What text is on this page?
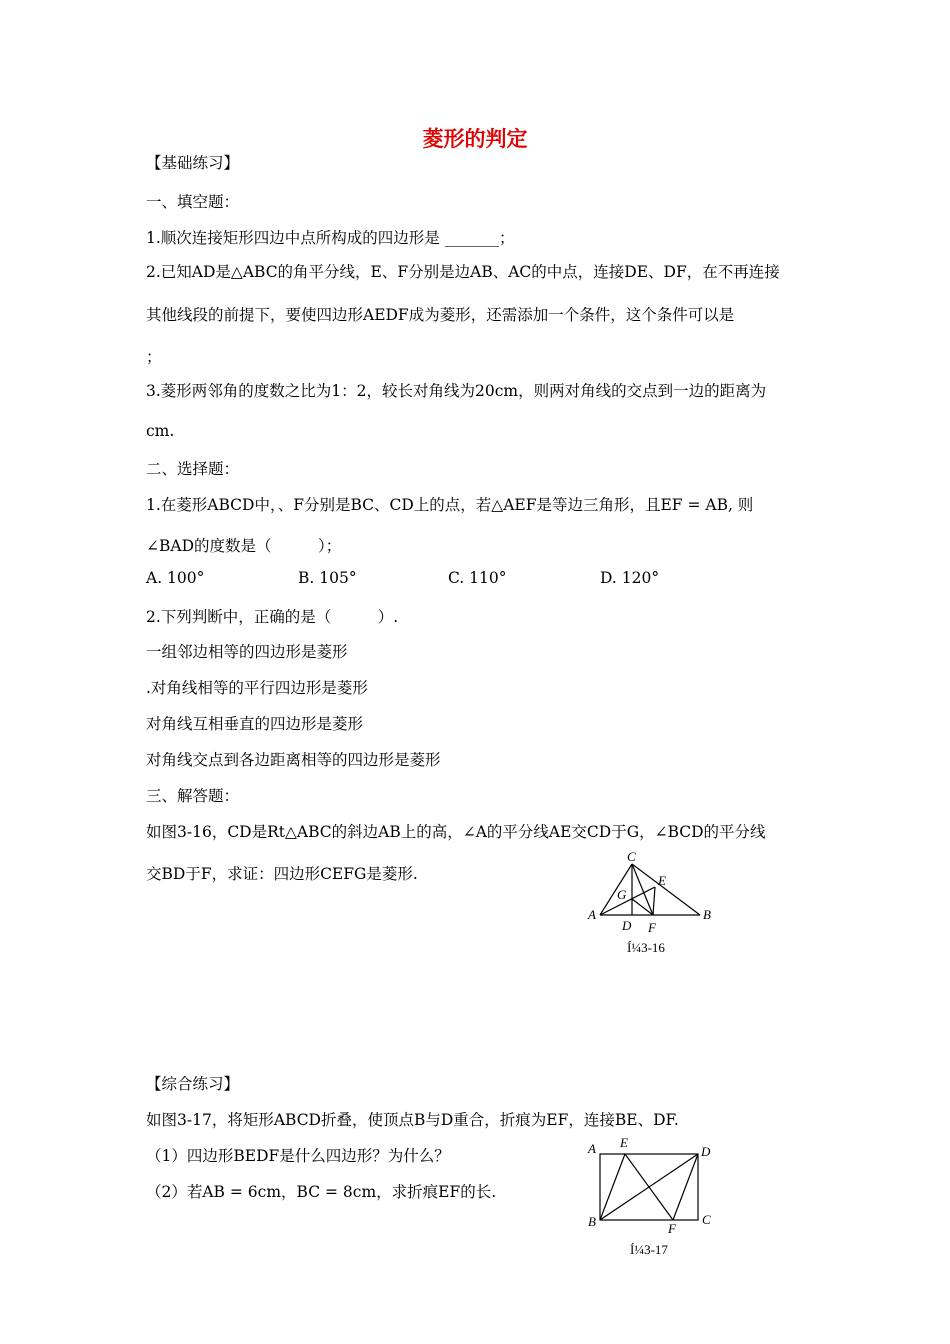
菱形的判定
【基础练习】
一、填空题：
1.顺次连接矩形四边中点所构成的四边形是 _______；
2.已知AD是△ABC的角平分线，E、F分别是边AB、AC的中点，连接DE、DF，在不再连接
其他线段的前提下，要使四边形AEDF成为菱形，还需添加一个条件，这个条件可以是
；
3.菱形两邻角的度数之比为1：2，较长对角线为20cm，则两对角线的交点到一边的距离为
cm.
二、选择题：
1.在菱形ABCD中，、F分别是BC、CD上的点，若△AEF是等边三角形，且EF = AB, 则
∠BAD的度数是（　　　）；
A. 100°	B. 105°	C. 110°	D. 120°
2.下列判断中，正确的是（　　　）.
一组邻边相等的四边形是菱形
.对角线相等的平行四边形是菱形
对角线互相垂直的四边形是菱形
对角线交点到各边距离相等的四边形是菱形
三、解答题：
如图3-16，CD是Rt△ABC的斜边AB上的高，∠A的平分线AE交CD于G，∠BCD的平分线
交BD于F，求证：四边形CEFG是菱形.
C
E
G
A	B
D F
Í¼3-16
【综合练习】
如图3-17，将矩形ABCD折叠，使顶点B与D重合，折痕为EF，连接BE、DF.
（1）四边形BEDF是什么四边形？为什么？
（2）若AB = 6cm，BC = 8cm，求折痕EF的长.
A E
D
B	F
C
Í¼3-17
